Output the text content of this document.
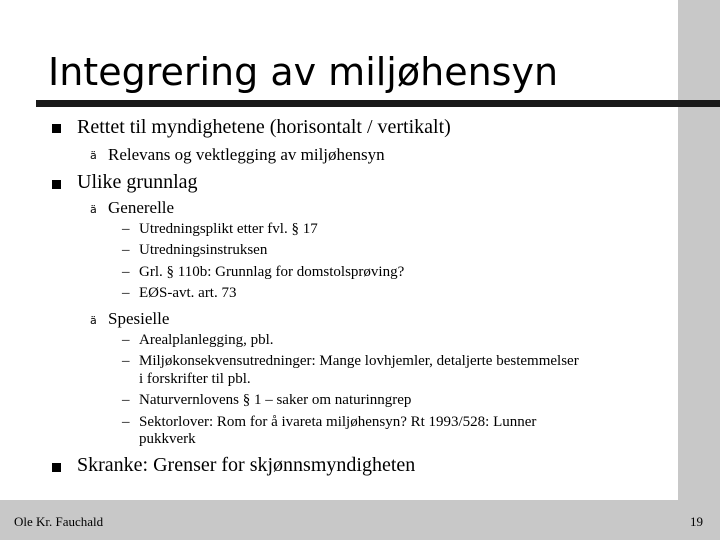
Integrering av miljøhensyn
Rettet til myndighetene (horisontalt / vertikalt)
ä Relevans og vektlegging av miljøhensyn
Ulike grunnlag
ä Generelle
– Utredningsplikt etter fvl. § 17
– Utredningsinstruksen
– Grl. § 110b: Grunnlag for domstolsprøving?
– EØS-avt. art. 73
ä Spesielle
– Arealplanlegging, pbl.
– Miljøkonsekvensutredninger: Mange lovhjemler, detaljerte bestemmelser
i forskrifter til pbl.
– Naturvernlovens § 1 – saker om naturinngrep
– Sektorlover: Rom for å ivareta miljøhensyn? Rt 1993/528: Lunner
pukkverk
Skranke: Grenser for skjønnsmyndigheten
Ole Kr. Fauchald	19
